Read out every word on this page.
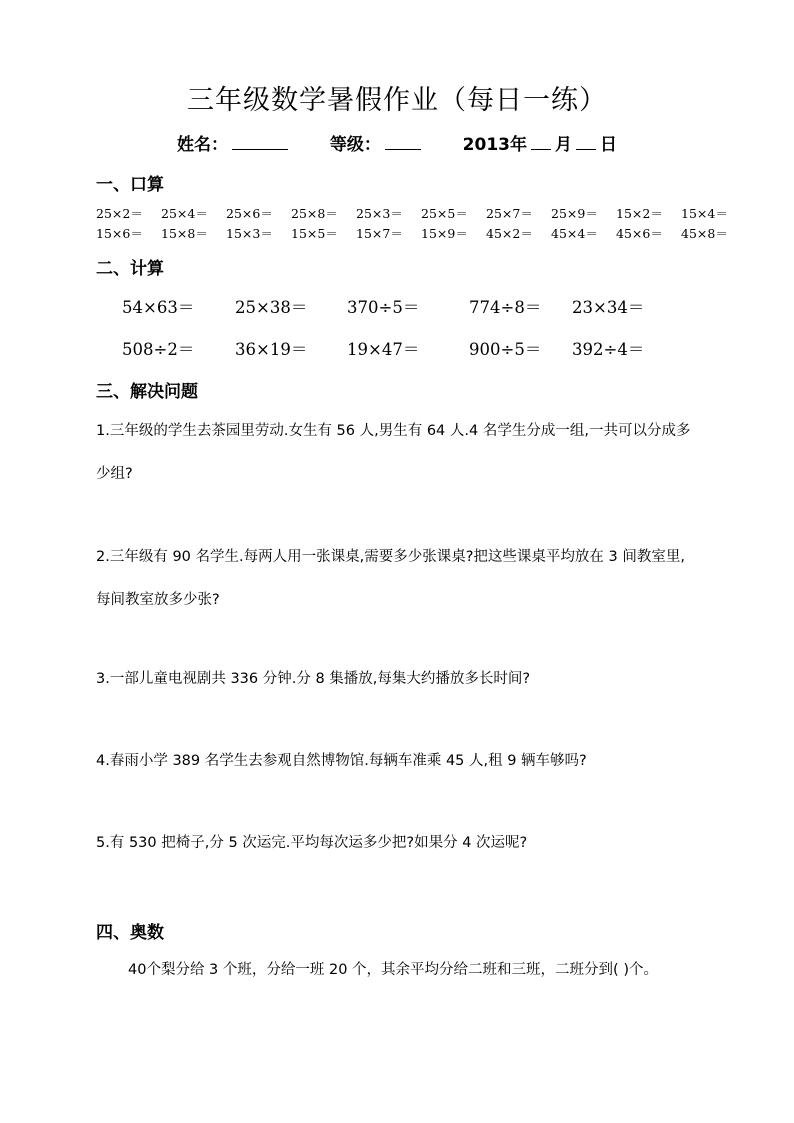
三年级数学暑假作业（每日一练）
姓名：	等级：	2013年 月 日
一、口算
25×2＝	25×4＝	25×6＝	25×8＝	25×3＝	25×5＝	25×7＝	25×9＝	15×2＝	15×4＝
15×6＝	15×8＝	15×3＝	15×5＝	15×7＝	15×9＝	45×2＝	45×4＝	45×6＝	45×8＝
二、计算
54×63＝ 25×38＝ 370÷5＝	774÷8＝ 23×34＝
508÷2＝ 36×19＝ 19×47＝	900÷5＝ 392÷4＝
三、解决问题
1.三年级的学生去茶园里劳动.女生有 56 人,男生有 64 人.4 名学生分成一组,一共可以分成多
少组?
2.三年级有 90 名学生.每两人用一张课桌,需要多少张课桌?把这些课桌平均放在 3 间教室里,
每间教室放多少张?
3.一部儿童电视剧共 336 分钟.分 8 集播放,每集大约播放多长时间?
4.春雨小学 389 名学生去参观自然博物馆.每辆车准乘 45 人,租 9 辆车够吗?
5.有 530 把椅子,分 5 次运完.平均每次运多少把?如果分 4 次运呢?
四、奥数
40个梨分给 3 个班，分给一班 20 个，其余平均分给二班和三班，二班分到( )个。
